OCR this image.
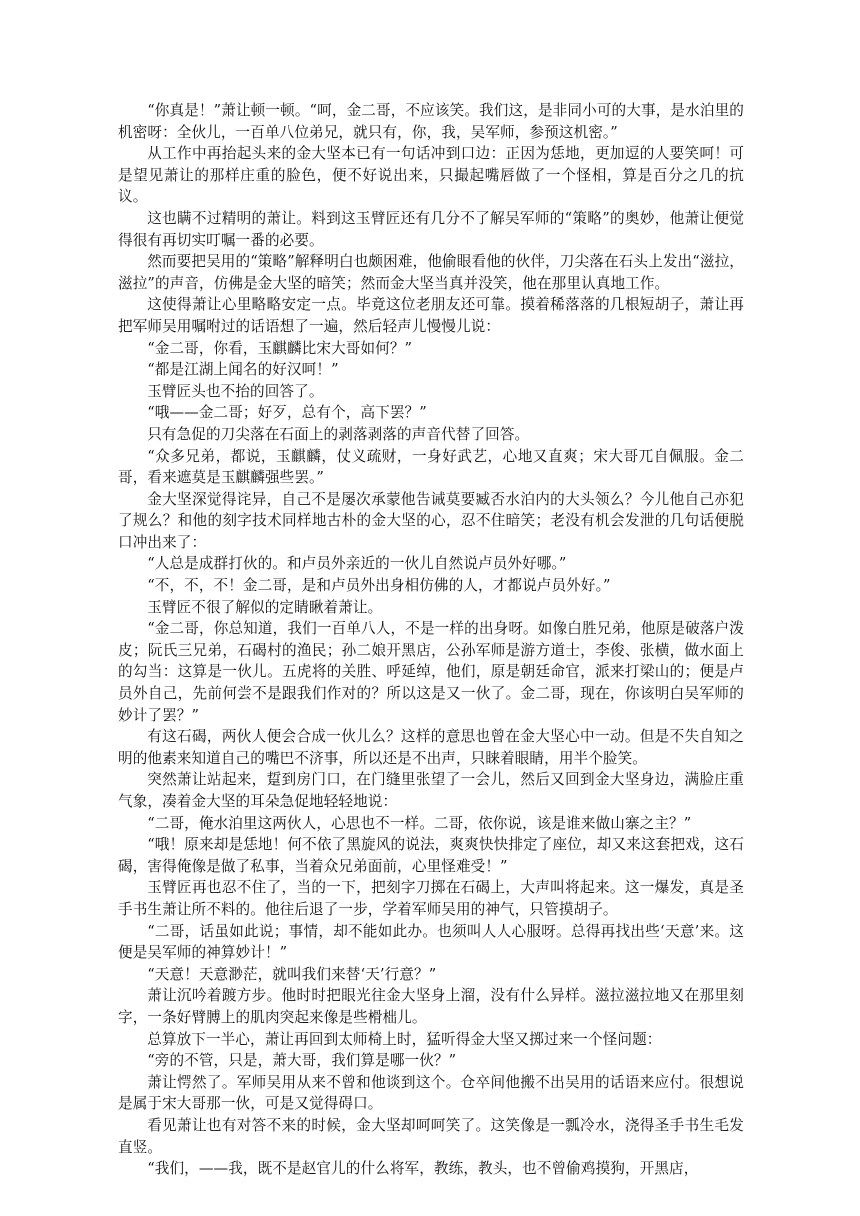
“你真是！”萧让顿一顿。“呵，金二哥，不应该笑。我们这，是非同小可的大事，是水泊里的机密呀：全伙儿，一百单八位弟兄，就只有，你，我，吴军师，参预这机密。”

从工作中再抬起头来的金大坚本已有一句话冲到口边：正因为恁地，更加逗的人要笑呵！可是望见萧让的那样庄重的脸色，便不好说出来，只撮起嘴唇做了一个怪相，算是百分之几的抗议。

这也瞒不过精明的萧让。料到这玉臂匠还有几分不了解吴军师的“策略”的奥妙，他萧让便觉得很有再切实叮嘱一番的必要。

然而要把吴用的“策略”解释明白也颇困难，他偷眼看他的伙伴，刀尖落在石头上发出“滋拉，滋拉”的声音，仿佛是金大坚的暗笑；然而金大坚当真并没笑，他在那里认真地工作。

这使得萧让心里略略安定一点。毕竟这位老朋友还可靠。摸着稀落落的几根短胡子，萧让再把军师吴用嘱咐过的话语想了一遍，然后轻声儿慢慢儿说：

“金二哥，你看，玉麒麟比宋大哥如何？”

“都是江湖上闻名的好汉呵！”

玉臂匠头也不抬的回答了。

“哦——金二哥；好歹，总有个，高下罢？”

只有急促的刀尖落在石面上的剥落剥落的声音代替了回答。

“众多兄弟，都说，玉麒麟，仗义疏财，一身好武艺，心地又直爽；宋大哥兀自佩服。金二哥，看来遮莫是玉麒麟强些罢。”

金大坚深觉得诧异，自己不是屡次承蒙他告诫莫要臧否水泊内的大头领么？今儿他自己亦犯了规么？和他的刻字技术同样地古朴的金大坚的心，忍不住暗笑；老没有机会发泄的几句话便脱口冲出来了：

“人总是成群打伙的。和卢员外亲近的一伙儿自然说卢员外好哪。”

“不，不，不！金二哥，是和卢员外出身相仿佛的人，才都说卢员外好。”

玉臂匠不很了解似的定睛瞅着萧让。

“金二哥，你总知道，我们一百单八人，不是一样的出身呀。如像白胜兄弟，他原是破落户泼皮；阮氏三兄弟，石碣村的渔民；孙二娘开黑店，公孙军师是游方道士，李俊、张横，做水面上的勾当：这算是一伙儿。五虎将的关胜、呼延绰，他们，原是朝廷命官，派来打梁山的；便是卢员外自己，先前何尝不是跟我们作对的？所以这是又一伙了。金二哥，现在，你该明白吴军师的妙计了罢？”

有这石碣，两伙人便会合成一伙儿么？这样的意思也曾在金大坚心中一动。但是不失自知之明的他素来知道自己的嘴巴不济事，所以还是不出声，只睐着眼睛，用半个脸笑。

突然萧让站起来，踅到房门口，在门缝里张望了一会儿，然后又回到金大坚身边，满脸庄重气象，凑着金大坚的耳朵急促地轻轻地说：

“二哥，俺水泊里这两伙人，心思也不一样。二哥，依你说，该是谁来做山寨之主？”

“哦！原来却是恁地！何不依了黑旋风的说法，爽爽快快排定了座位，却又来这套把戏，这石碣，害得俺像是做了私事，当着众兄弟面前，心里怪难受！”

玉臂匠再也忍不住了，当的一下，把刻字刀掷在石碣上，大声叫将起来。这一爆发，真是圣手书生萧让所不料的。他往后退了一步，学着军师吴用的神气，只管摸胡子。

“二哥，话虽如此说；事情，却不能如此办。也须叫人人心服呀。总得再找出些‘天意’来。这便是吴军师的神算妙计！”

“天意！天意渺茫，就叫我们来替‘天’行意？”

萧让沉吟着踱方步。他时时把眼光往金大坚身上溜，没有什么异样。滋拉滋拉地又在那里刻字，一条好臂膊上的肌肉突起来像是些榾柮儿。

总算放下一半心，萧让再回到太师椅上时，猛听得金大坚又掷过来一个怪问题：

“旁的不管，只是，萧大哥，我们算是哪一伙？”

萧让愕然了。军师吴用从来不曾和他谈到这个。仓卒间他搬不出吴用的话语来应付。很想说是属于宋大哥那一伙，可是又觉得碍口。

看见萧让也有对答不来的时候，金大坚却呵呵笑了。这笑像是一瓢冷水，浇得圣手书生毛发直竖。

“我们，——我，既不是赵官儿的什么将军，教练，教头，也不曾偷鸡摸狗，开黑店，
